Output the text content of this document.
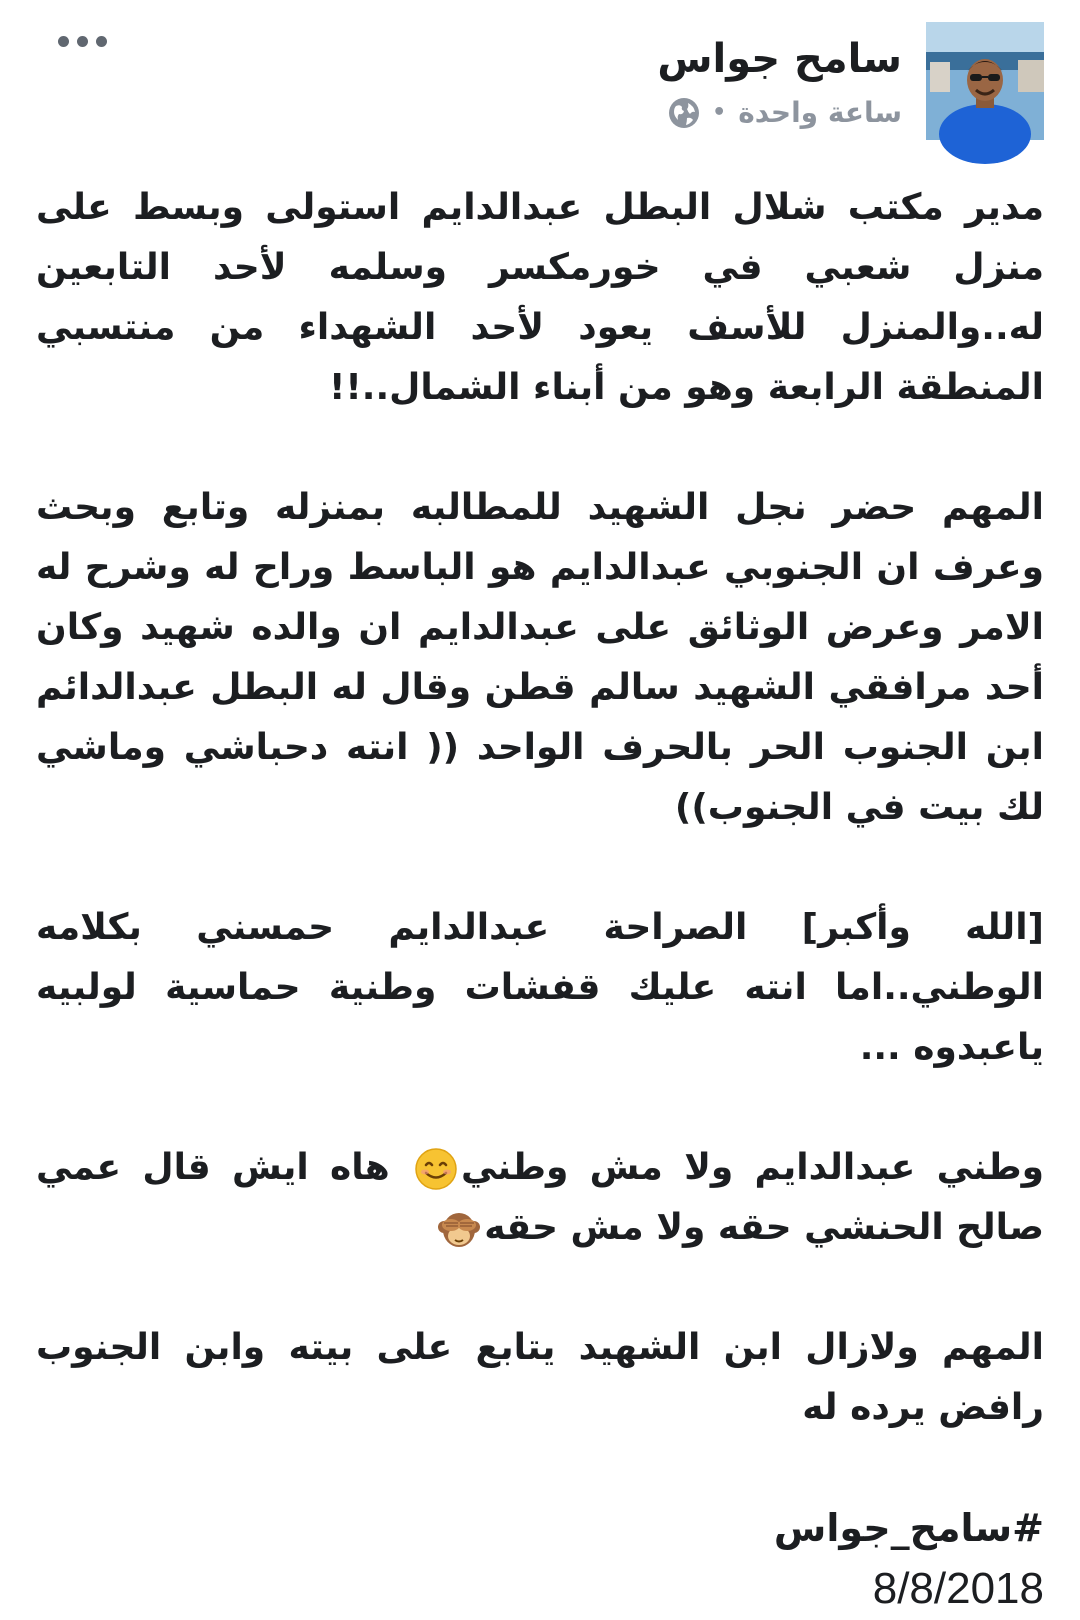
سامح جواس
ساعة واحدة
•

مدير مكتب شلال البطل عبدالدايم استولى وبسط على منزل شعبي في خورمكسر وسلمه لأحد التابعين له..والمنزل للأسف يعود لأحد الشهداء من منتسبي المنطقة الرابعة وهو من أبناء الشمال..!!

المهم حضر نجل الشهيد للمطالبه بمنزله وتابع وبحث وعرف ان الجنوبي عبدالدايم هو الباسط وراح له وشرح له الامر وعرض الوثائق على عبدالدايم ان والده شهيد وكان أحد مرافقي الشهيد سالم قطن وقال له البطل عبدالدائم ابن الجنوب الحر بالحرف الواحد (( انته دحباشي وماشي لك بيت في الجنوب))

[الله وأكبر] الصراحة عبدالدايم حمسني بكلامه الوطني..اما انته عليك قفشات وطنية حماسية لولبيه ياعبدوه ...

وطني عبدالدايم ولا مش وطني هاه ايش قال عمي صالح الحنشي حقه ولا مش حقه

المهم ولازال ابن الشهيد يتابع على بيته وابن الجنوب رافض يرده له

#سامح_جواس

8/8/2018
